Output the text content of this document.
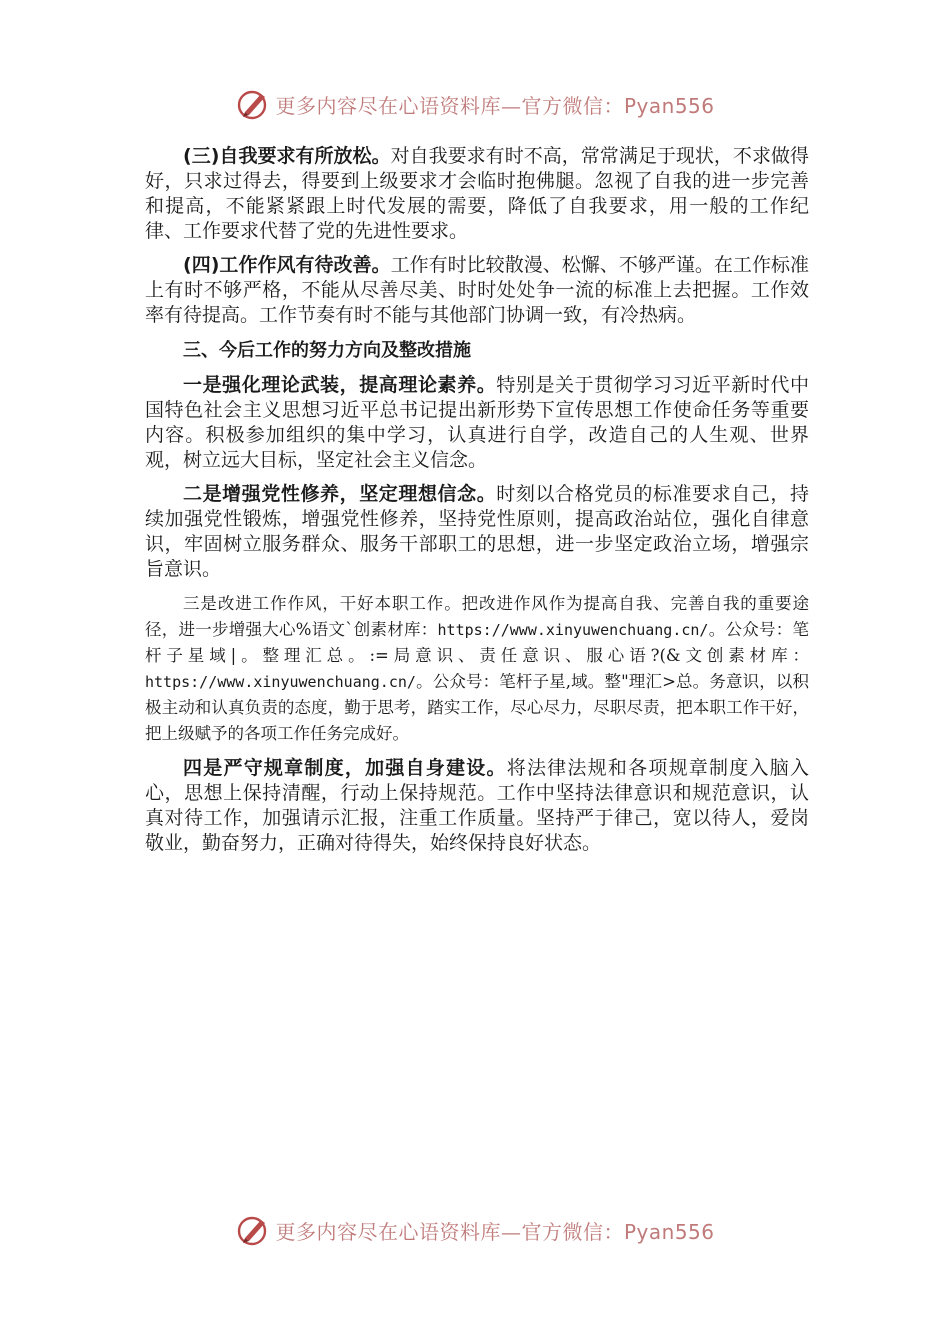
更多内容尽在心语资料库—官方微信：Pyan556

(三)自我要求有所放松。对自我要求有时不高，常常满足于现状，不求做得好，只求过得去，得要到上级要求才会临时抱佛腿。忽视了自我的进一步完善和提高，不能紧紧跟上时代发展的需要，降低了自我要求，用一般的工作纪律、工作要求代替了党的先进性要求。

(四)工作作风有待改善。工作有时比较散漫、松懈、不够严谨。在工作标准上有时不够严格，不能从尽善尽美、时时处处争一流的标准上去把握。工作效率有待提高。工作节奏有时不能与其他部门协调一致，有冷热病。

三、今后工作的努力方向及整改措施

一是强化理论武装，提高理论素养。特别是关于贯彻学习习近平新时代中国特色社会主义思想习近平总书记提出新形势下宣传思想工作使命任务等重要内容。积极参加组织的集中学习，认真进行自学，改造自己的人生观、世界观，树立远大目标，坚定社会主义信念。

二是增强党性修养，坚定理想信念。时刻以合格党员的标准要求自己，持续加强党性锻炼，增强党性修养，坚持党性原则，提高政治站位，强化自律意识，牢固树立服务群众、服务干部职工的思想，进一步坚定政治立场，增强宗旨意识。

三是改进工作作风，干好本职工作。把改进作风作为提高自我、完善自我的重要途径，进一步增强大心%语文`创素材库：https://www.xinyuwenchuang.cn/。公众号：笔杆子星域|。整理汇总。:=局意识、责任意识、服心语?(&文创素材库：https://www.xinyuwenchuang.cn/。公众号：笔杆子星,域。整"理汇>总。务意识，以积极主动和认真负责的态度，勤于思考，踏实工作，尽心尽力，尽职尽责，把本职工作干好，把上级赋予的各项工作任务完成好。

四是严守规章制度，加强自身建设。将法律法规和各项规章制度入脑入心，思想上保持清醒，行动上保持规范。工作中坚持法律意识和规范意识，认真对待工作，加强请示汇报，注重工作质量。坚持严于律己，宽以待人，爱岗敬业，勤奋努力，正确对待得失，始终保持良好状态。

更多内容尽在心语资料库—官方微信：Pyan556
